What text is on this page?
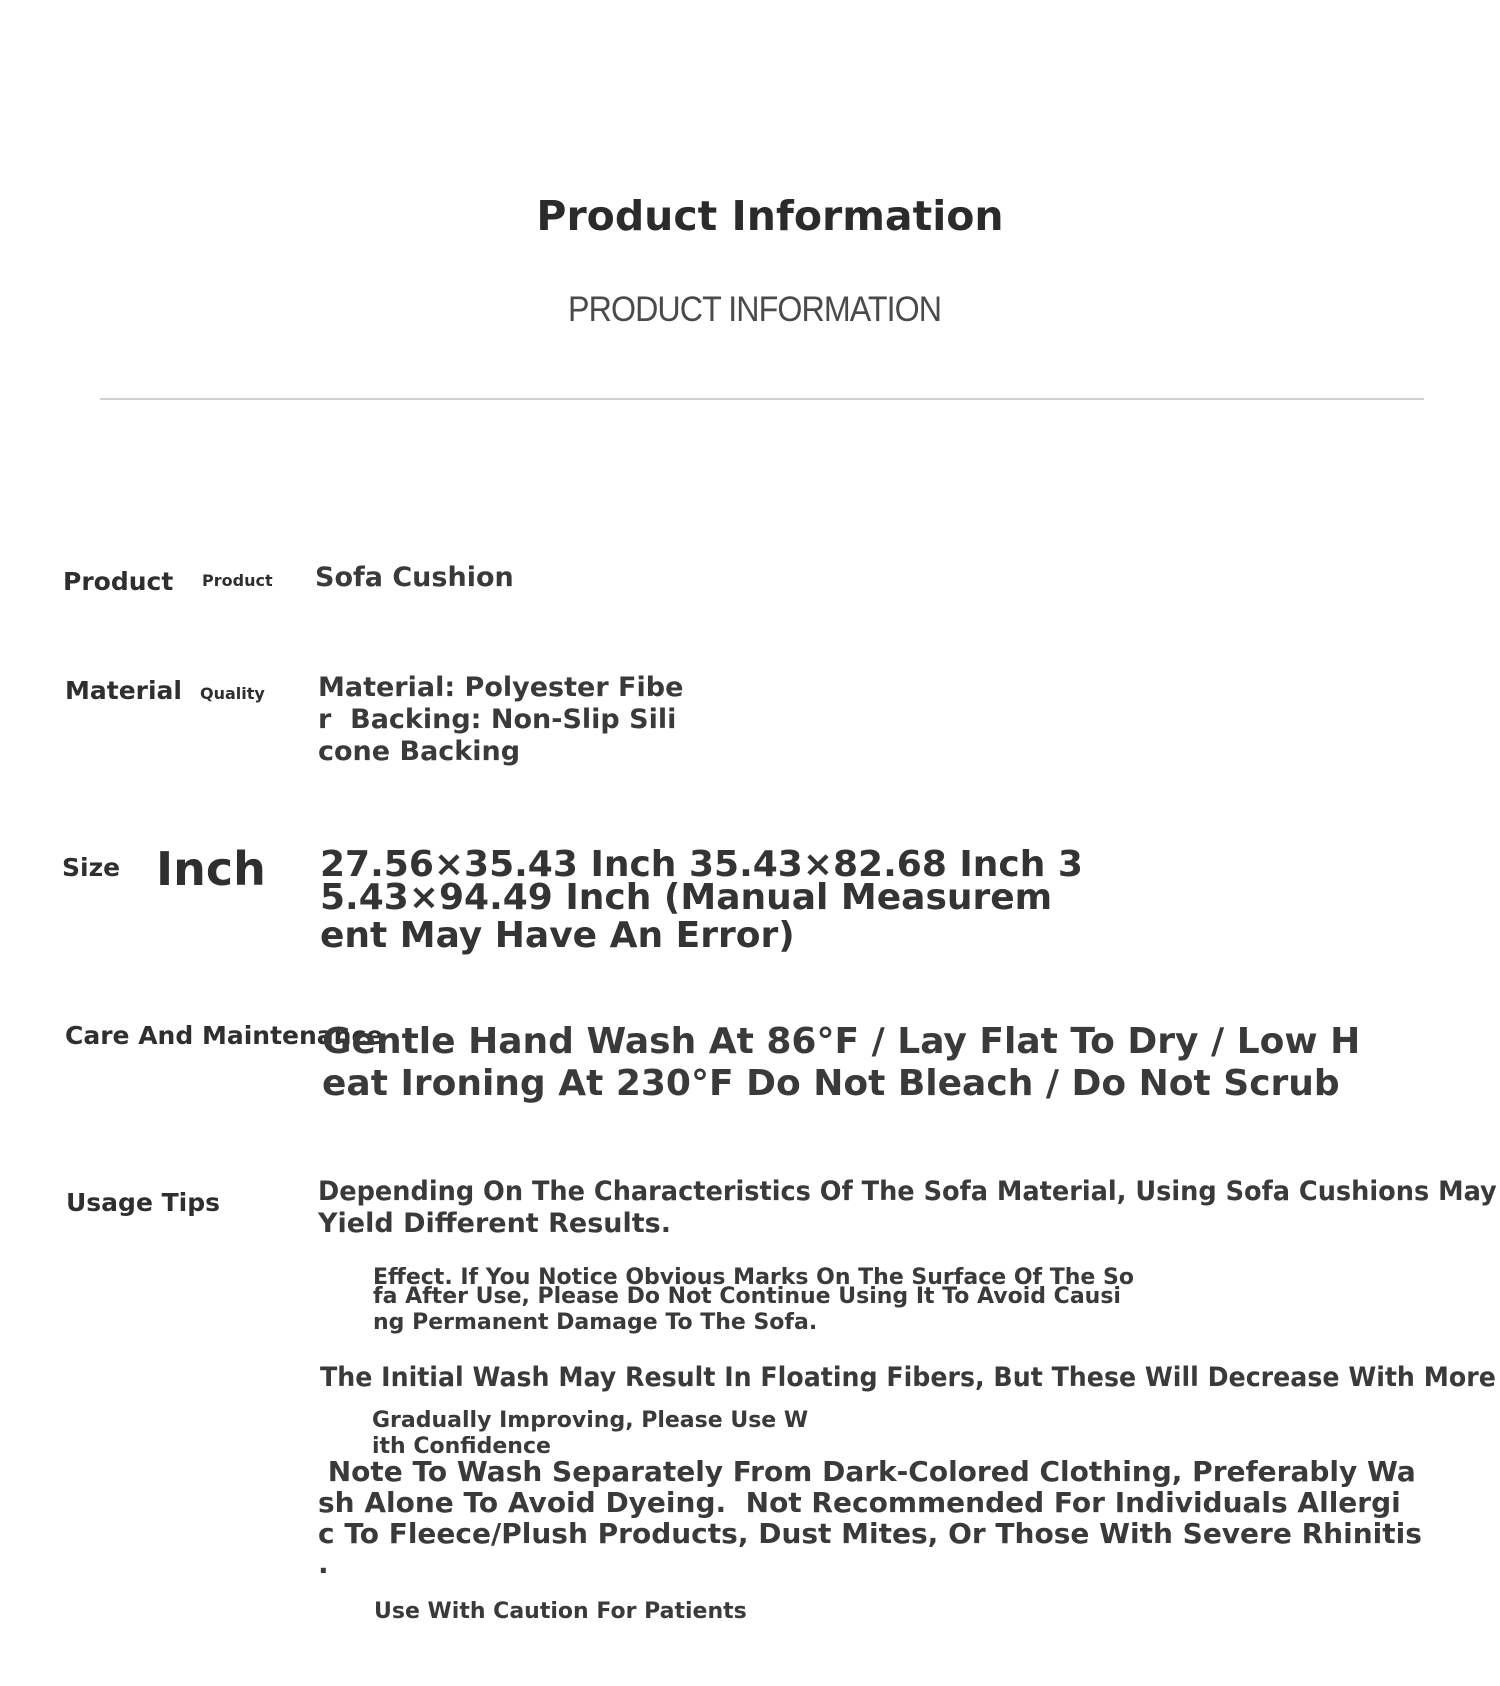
Product Information
PRODUCT INFORMATION
Product Product Sofa Cushion
Material Quality Material: Polyester Fibe
r  Backing: Non-Slip Sili
cone Backing
Size Inch 27.56×35.43 Inch 35.43×82.68 Inch 3
5.43×94.49 Inch (Manual Measurem
ent May Have An Error)
Care And Maintenance
Gentle Hand Wash At 86°F / Lay Flat To Dry / Low H
eat Ironing At 230°F Do Not Bleach / Do Not Scrub
Usage Tips	Depending On The Characteristics Of The Sofa Material, Using Sofa Cushions May
Yield Different Results.
Effect. If You Notice Obvious Marks On The Surface Of The So
fa After Use, Please Do Not Continue Using It To Avoid Causi
ng Permanent Damage To The Sofa.
The Initial Wash May Result In Floating Fibers, But These Will Decrease With More
Gradually Improving, Please Use W
ith Confidence
Note To Wash Separately From Dark-Colored Clothing, Preferably Wa
sh Alone To Avoid Dyeing.  Not Recommended For Individuals Allergi
c To Fleece/Plush Products, Dust Mites, Or Those With Severe Rhinitis
.
Use With Caution For Patients
